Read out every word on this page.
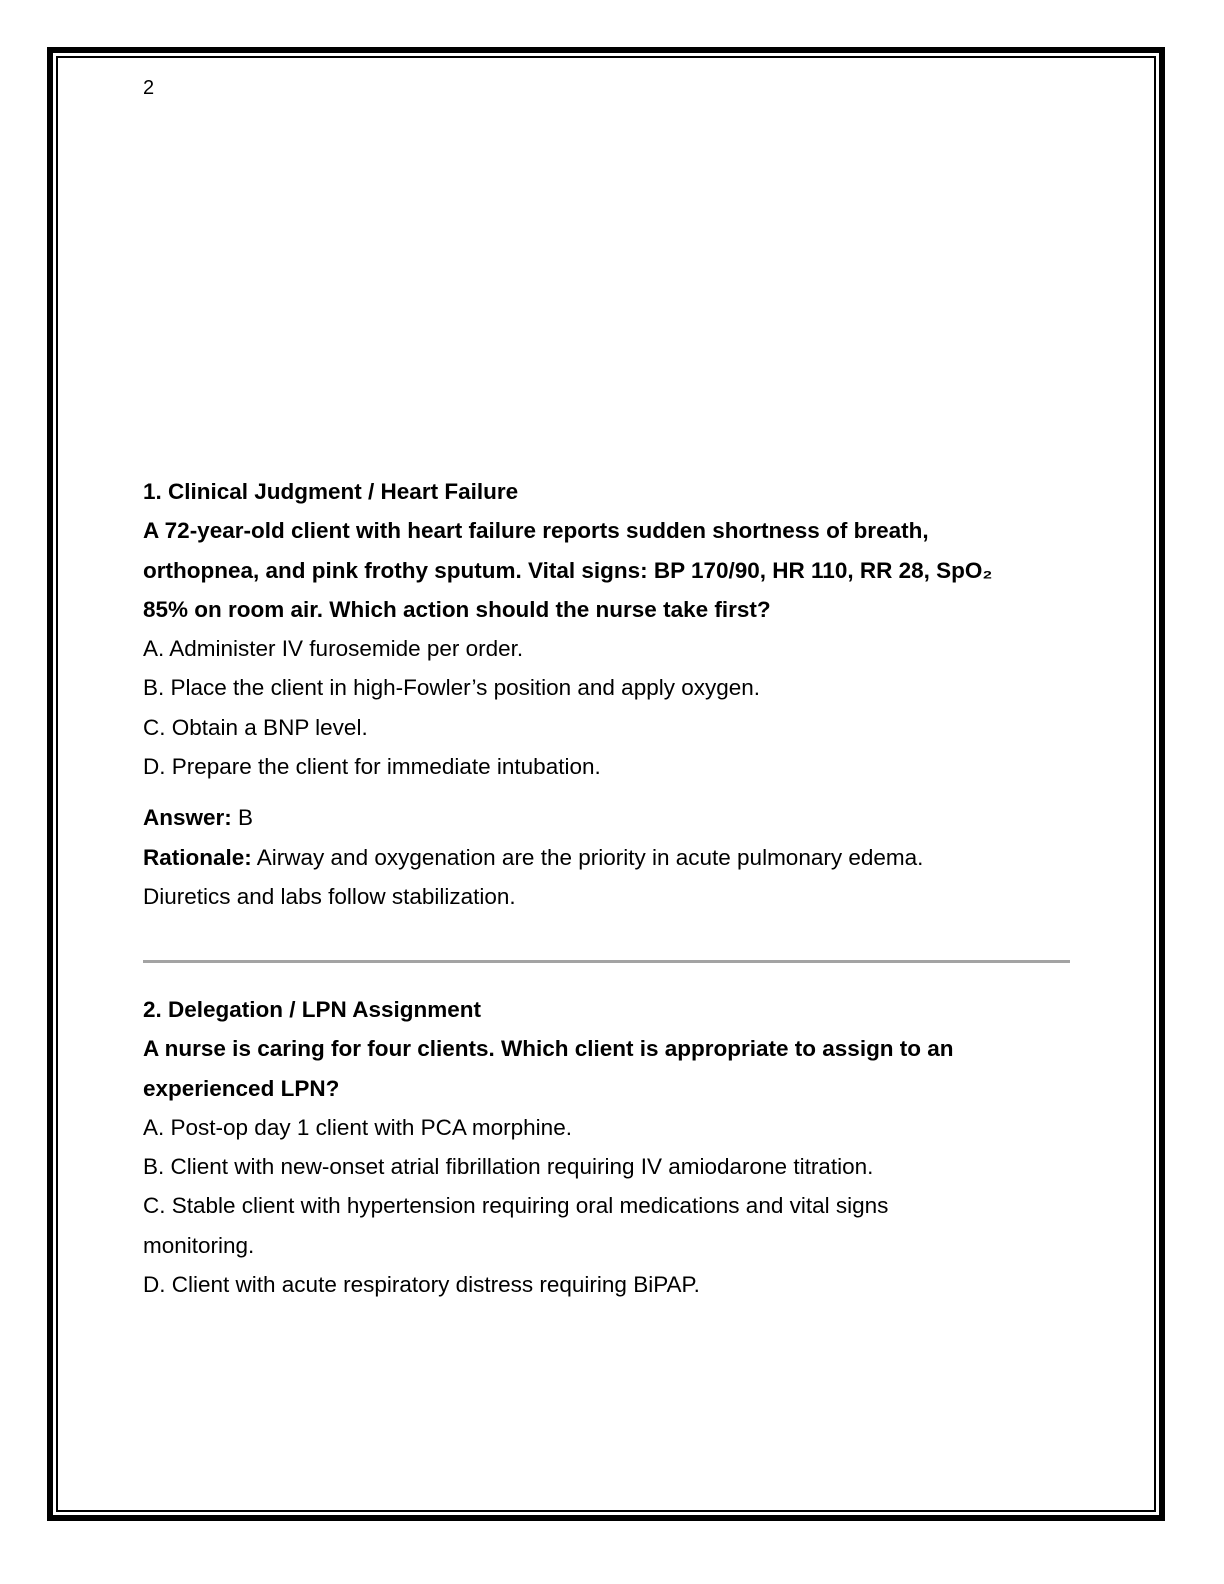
2
1. Clinical Judgment / Heart Failure
A 72-year-old client with heart failure reports sudden shortness of breath,
orthopnea, and pink frothy sputum. Vital signs: BP 170/90, HR 110, RR 28, SpO₂
85% on room air. Which action should the nurse take first?
A. Administer IV furosemide per order.
B. Place the client in high-Fowler’s position and apply oxygen.
C. Obtain a BNP level.
D. Prepare the client for immediate intubation.
Answer: B
Rationale: Airway and oxygenation are the priority in acute pulmonary edema.
Diuretics and labs follow stabilization.
2. Delegation / LPN Assignment
A nurse is caring for four clients. Which client is appropriate to assign to an
experienced LPN?
A. Post-op day 1 client with PCA morphine.
B. Client with new-onset atrial fibrillation requiring IV amiodarone titration.
C. Stable client with hypertension requiring oral medications and vital signs
monitoring.
D. Client with acute respiratory distress requiring BiPAP.
